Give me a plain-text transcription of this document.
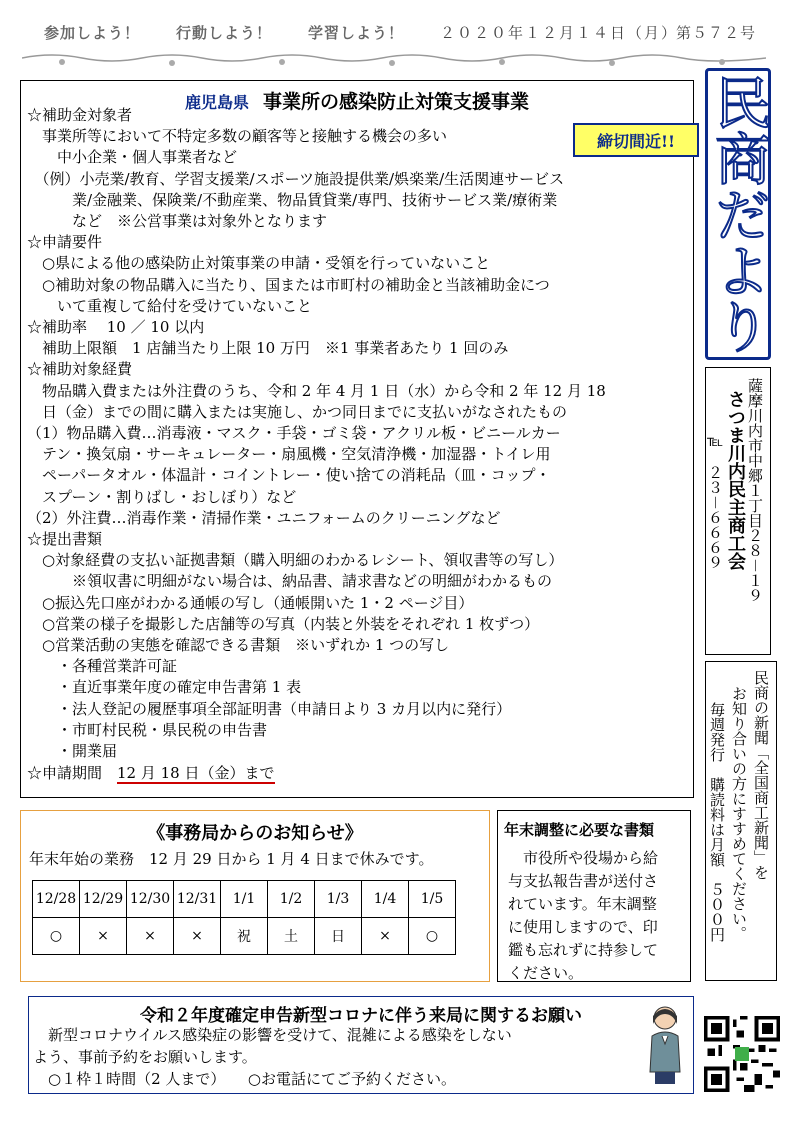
参加しよう！ 行動しよう！ 学習しよう！ ２０２０年１２月１４日（月）
第５７２号
鹿児島県 事業所の感染防止対策支援事業
締切間近!!
☆補助金対象者
　事業所等において不特定多数の顧客等と接触する機会の多い
　　中小企業・個人事業者など
　（例）小売業/教育、学習支援業/スポーツ施設提供業/娯楽業/生活関連サービス
　　　業/金融業、保険業/不動産業、物品賃貸業/専門、技術サービス業/療術業
　　　など　※公営事業は対象外となります
☆申請要件
　○県による他の感染防止対策事業の申請・受領を行っていないこと
　○補助対象の物品購入に当たり、国または市町村の補助金と当該補助金につ
　　いて重複して給付を受けていないこと
☆補助率　 10 ／ 10 以内
　補助上限額　1 店舗当たり上限 10 万円　※1 事業者あたり 1 回のみ
☆補助対象経費
　物品購入費または外注費のうち、令和 2 年 4 月 1 日（水）から令和 2 年 12 月 18
　日（金）までの間に購入または実施し、かつ同日までに支払いがなされたもの
（1）物品購入費…消毒液・マスク・手袋・ゴミ袋・アクリル板・ビニールカー
　テン・換気扇・サーキュレーター・扇風機・空気清浄機・加湿器・トイレ用
　ペーパータオル・体温計・コイントレー・使い捨ての消耗品（皿・コップ・
　スプーン・割りばし・おしぼり）など
（2）外注費…消毒作業・清掃作業・ユニフォームのクリーニングなど
☆提出書類
　○対象経費の支払い証拠書類（購入明細のわかるレシート、領収書等の写し）
　　　※領収書に明細がない場合は、納品書、請求書などの明細がわかるもの
　○振込先口座がわかる通帳の写し（通帳開いた 1・2 ページ目）
　○営業の様子を撮影した店舗等の写真（内装と外装をそれぞれ 1 枚ずつ）
　○営業活動の実態を確認できる書類　※いずれか 1 つの写し
　　・各種営業許可証
　　・直近事業年度の確定申告書第 1 表
　　・法人登記の履歴事項全部証明書（申請日より 3 カ月以内に発行）
　　・市町村民税・県民税の申告書
　　・開業届
☆申請期間　12 月 18 日（金）まで
民商だより
薩摩川内市中郷１丁目２８－１９
さつま川内民主商工会
℡　２３－６６６９
民商の新聞「全国商工新聞」を
お知り合いの方にすすめてください。
毎週発行　購読料は月額　５００円
《事務局からのお知らせ》
年末年始の業務　12 月 29 日から 1 月 4 日まで休みです。
12/28	12/29	12/30	12/31	1/1	1/2	1/3	1/4	1/5
○	×	×	×	祝	土	日	×	○
年末調整に必要な書類
　市役所や役場から給
与支払報告書が送付さ
れています。年末調整
に使用しますので、印
鑑も忘れずに持参して
ください。
令和２年度確定申告新型コロナに伴う来局に関するお願い
　新型コロナウイルス感染症の影響を受けて、混雑による感染をしない
よう、事前予約をお願いします。
　○１枠１時間（2 人まで）　　○お電話にてご予約ください。
